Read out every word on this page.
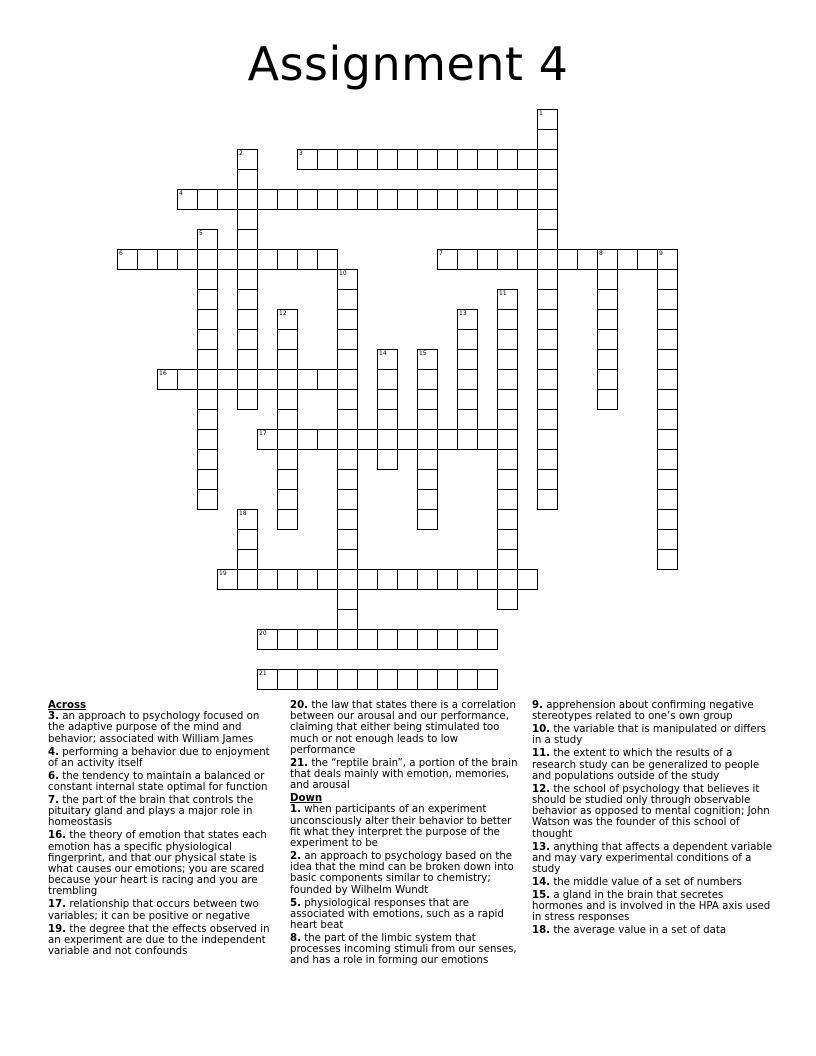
Assignment 4
1
2	3
4
5
6	7	8	9
10
11
12	13
14	15
16
17
18
19
20
21
Across
3. an approach to psychology focused on the adaptive purpose of the mind and behavior; associated with William James
4. performing a behavior due to enjoyment of an activity itself
6. the tendency to maintain a balanced or constant internal state optimal for function
7. the part of the brain that controls the pituitary gland and plays a major role in homeostasis
16. the theory of emotion that states each emotion has a specific physiological fingerprint, and that our physical state is what causes our emotions; you are scared because your heart is racing and you are trembling
17. relationship that occurs between two variables; it can be positive or negative
19. the degree that the effects observed in an experiment are due to the independent variable and not confounds
20. the law that states there is a correlation between our arousal and our performance, claiming that either being stimulated too much or not enough leads to low performance
21. the “reptile brain”, a portion of the brain that deals mainly with emotion, memories, and arousal
Down
1. when participants of an experiment unconsciously alter their behavior to better fit what they interpret the purpose of the experiment to be
2. an approach to psychology based on the idea that the mind can be broken down into basic components similar to chemistry; founded by Wilhelm Wundt
5. physiological responses that are associated with emotions, such as a rapid heart beat
8. the part of the limbic system that processes incoming stimuli from our senses, and has a role in forming our emotions
9. apprehension about confirming negative stereotypes related to one’s own group
10. the variable that is manipulated or differs in a study
11. the extent to which the results of a research study can be generalized to people and populations outside of the study
12. the school of psychology that believes it should be studied only through observable behavior as opposed to mental cognition; John Watson was the founder of this school of thought
13. anything that affects a dependent variable and may vary experimental conditions of a study
14. the middle value of a set of numbers
15. a gland in the brain that secretes hormones and is involved in the HPA axis used in stress responses
18. the average value in a set of data
